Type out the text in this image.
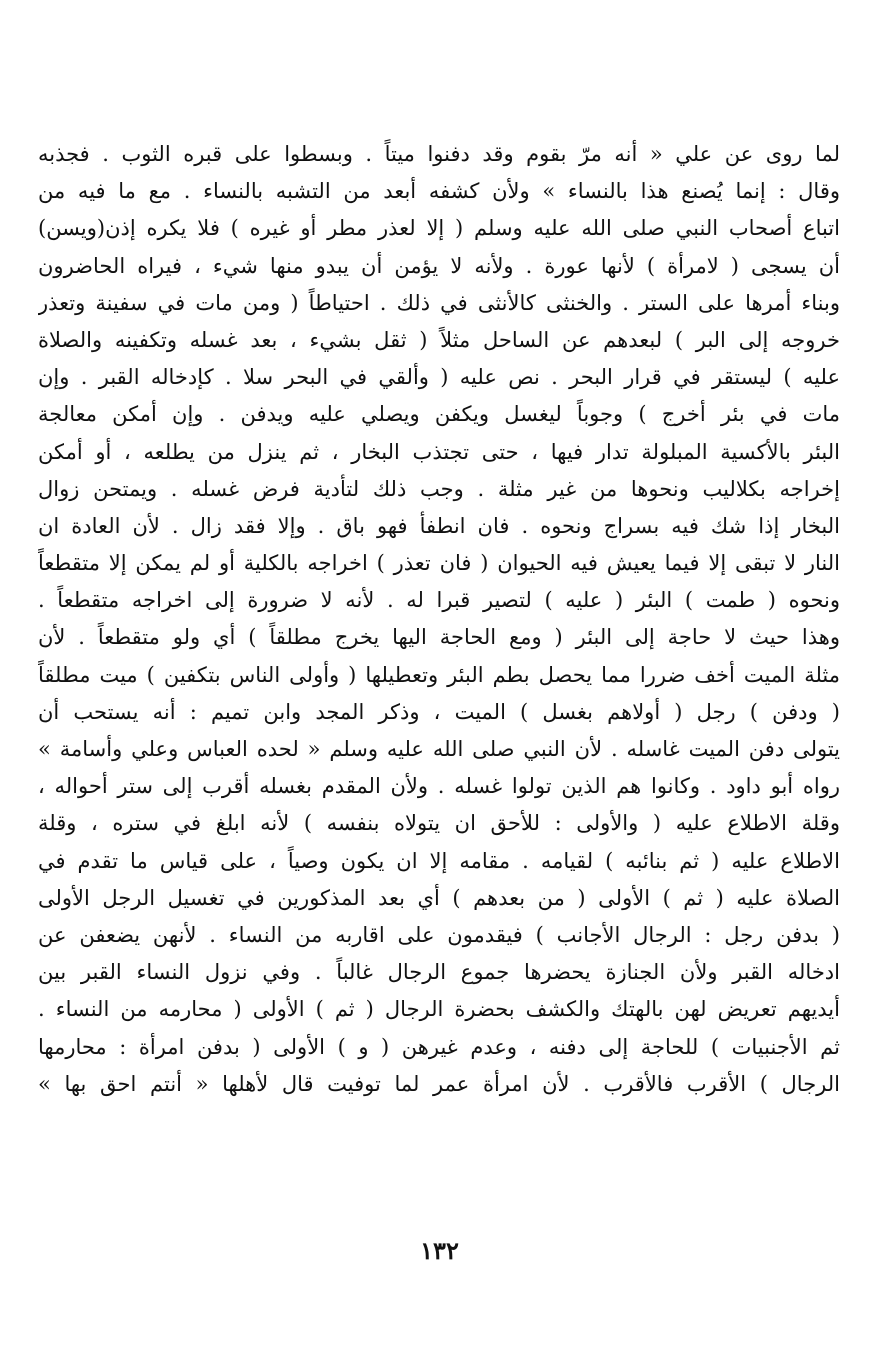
لما روى عن علي « أنه مرّ بقوم وقد دفنوا ميتاً . وبسطوا على قبره الثوب . فجذبه
وقال : إنما يُصنع هذا بالنساء » ولأن كشفه أبعد من التشبه بالنساء . مع ما فيه من
اتباع أصحاب النبي صلى الله عليه وسلم ( إلا لعذر مطر أو غيره ) فلا يكره إذن(ويسن)
أن يسجى ( لامرأة ) لأنها عورة . ولأنه لا يؤمن أن يبدو منها شيء ، فيراه الحاضرون
وبناء أمرها على الستر . والخنثى كالأنثى في ذلك . احتياطاً ( ومن مات في سفينة وتعذر
خروجه إلى البر ) لبعدهم عن الساحل مثلاً ( ثقل بشيء ، بعد غسله وتكفينه والصلاة
عليه ) ليستقر في قرار البحر . نص عليه ( وألقي في البحر سلا . كإدخاله القبر . وإن
مات في بئر أخرج ) وجوباً ليغسل ويكفن ويصلي عليه ويدفن . وإن أمكن معالجة
البئر بالأكسية المبلولة تدار فيها ، حتى تجتذب البخار ، ثم ينزل من يطلعه ، أو أمكن
إخراجه بكلاليب ونحوها من غير مثلة . وجب ذلك لتأدية فرض غسله . ويمتحن زوال
البخار إذا شك فيه بسراج ونحوه . فان انطفأ فهو باق . وإلا فقد زال . لأن العادة ان
النار لا تبقى إلا فيما يعيش فيه الحيوان ( فان تعذر ) اخراجه بالكلية أو لم يمكن إلا متقطعاً
ونحوه ( طمت ) البئر ( عليه ) لتصير قبرا له . لأنه لا ضرورة إلى اخراجه متقطعاً .
وهذا حيث لا حاجة إلى البئر ( ومع الحاجة اليها يخرج مطلقاً ) أي ولو متقطعاً . لأن
مثلة الميت أخف ضررا مما يحصل بطم البئر وتعطيلها ( وأولى الناس بتكفين ) ميت مطلقاً
( ودفن ) رجل ( أولاهم بغسل ) الميت ، وذكر المجد وابن تميم : أنه يستحب أن
يتولى دفن الميت غاسله . لأن النبي صلى الله عليه وسلم « لحده العباس وعلي وأسامة »
رواه أبو داود . وكانوا هم الذين تولوا غسله . ولأن المقدم بغسله أقرب إلى ستر أحواله ،
وقلة الاطلاع عليه ( والأولى : للأحق ان يتولاه بنفسه ) لأنه ابلغ في ستره ، وقلة
الاطلاع عليه ( ثم بنائبه ) لقيامه . مقامه إلا ان يكون وصياً ، على قياس ما تقدم في
الصلاة عليه ( ثم ) الأولى ( من بعدهم ) أي بعد المذكورين في تغسيل الرجل الأولى
( بدفن رجل : الرجال الأجانب ) فيقدمون على اقاربه من النساء . لأنهن يضعفن عن
ادخاله القبر ولأن الجنازة يحضرها جموع الرجال غالباً . وفي نزول النساء القبر بين
أيديهم تعريض لهن بالهتك والكشف بحضرة الرجال ( ثم ) الأولى ( محارمه من النساء .
ثم الأجنبيات ) للحاجة إلى دفنه ، وعدم غيرهن ( و ) الأولى ( بدفن امرأة : محارمها
الرجال ) الأقرب فالأقرب . لأن امرأة عمر لما توفيت قال لأهلها « أنتم احق بها »
١٣٢
